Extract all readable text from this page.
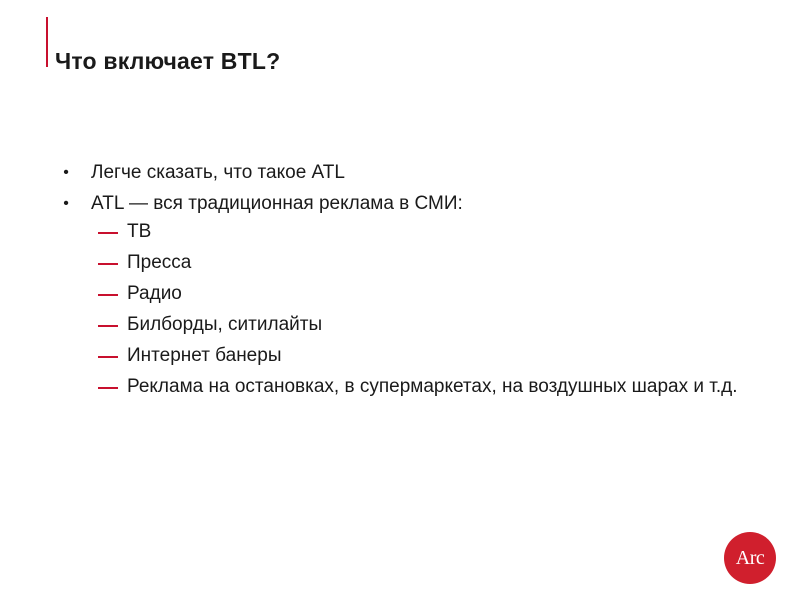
Что включает BTL?
• Легче сказать, что такое ATL
• ATL — вся традиционная реклама в СМИ:
ТВ
Пресса
Радио
Билборды, ситилайты
Интернет банеры
Реклама на остановках, в супермаркетах, на воздушных шарах и т.д.
Arc
